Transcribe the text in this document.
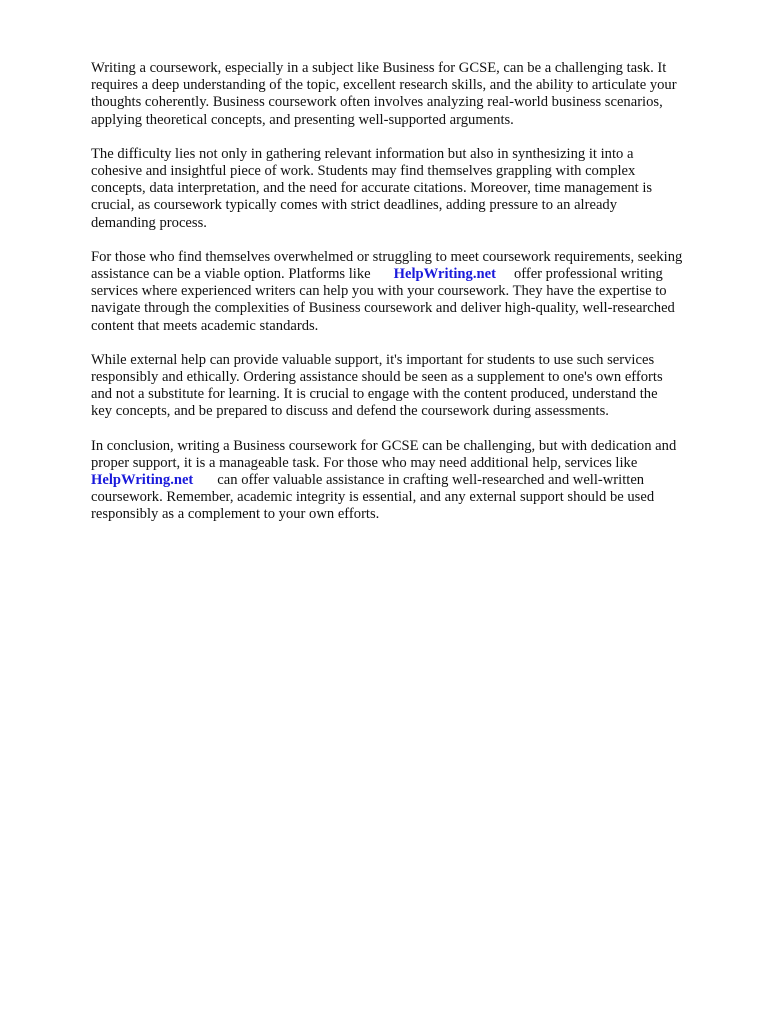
Writing a coursework, especially in a subject like Business for GCSE, can be a challenging task. It
requires a deep understanding of the topic, excellent research skills, and the ability to articulate your
thoughts coherently. Business coursework often involves analyzing real-world business scenarios,
applying theoretical concepts, and presenting well-supported arguments.

The difficulty lies not only in gathering relevant information but also in synthesizing it into a
cohesive and insightful piece of work. Students may find themselves grappling with complex
concepts, data interpretation, and the need for accurate citations. Moreover, time management is
crucial, as coursework typically comes with strict deadlines, adding pressure to an already
demanding process.

For those who find themselves overwhelmed or struggling to meet coursework requirements, seeking
assistance can be a viable option. Platforms like HelpWriting.net offer professional writing
services where experienced writers can help you with your coursework. They have the expertise to
navigate through the complexities of Business coursework and deliver high-quality, well-researched
content that meets academic standards.

While external help can provide valuable support, it's important for students to use such services
responsibly and ethically. Ordering assistance should be seen as a supplement to one's own efforts
and not a substitute for learning. It is crucial to engage with the content produced, understand the
key concepts, and be prepared to discuss and defend the coursework during assessments.

In conclusion, writing a Business coursework for GCSE can be challenging, but with dedication and
proper support, it is a manageable task. For those who may need additional help, services like
HelpWriting.net can offer valuable assistance in crafting well-researched and well-written
coursework. Remember, academic integrity is essential, and any external support should be used
responsibly as a complement to your own efforts.
